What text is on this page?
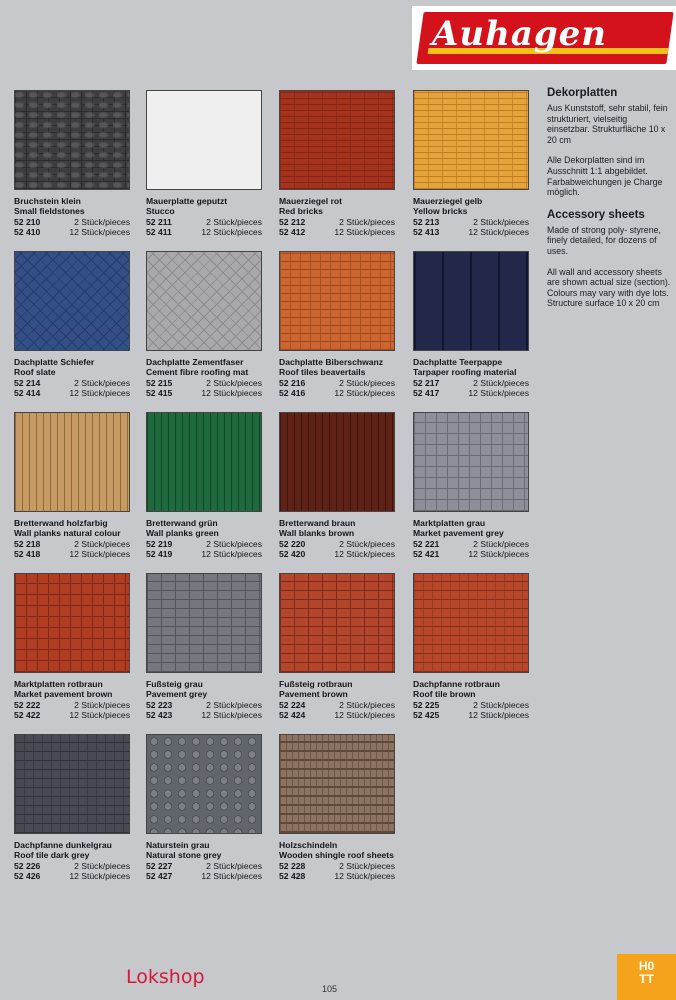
Auhagen
Dekorplatten

Aus Kunststoff, sehr stabil, fein strukturiert, vielseitig einsetzbar. Strukturfläche 10 x 20 cm

Alle Dekorplatten sind im Ausschnitt 1:1 abgebildet. Farbabweichungen je Charge möglich.

Accessory sheets

Made of strong poly- styrene, finely detailed, for dozens of uses.

All wall and accessory sheets are shown actual size (section). Colours may vary with dye lots. Structure surface 10 x 20 cm

Bruchstein klein
Small fieldstones
52 210	2 Stück/pieces
52 410	12 Stück/pieces
Mauerplatte geputzt
Stucco
52 211	2 Stück/pieces
52 411	12 Stück/pieces
Mauerziegel rot
Red bricks
52 212	2 Stück/pieces
52 412	12 Stück/pieces
Mauerziegel gelb
Yellow bricks
52 213	2 Stück/pieces
52 413	12 Stück/pieces
Dachplatte Schiefer
Roof slate
52 214	2 Stück/pieces
52 414	12 Stück/pieces
Dachplatte Zementfaser
Cement fibre roofing mat
52 215	2 Stück/pieces
52 415	12 Stück/pieces
Dachplatte Biberschwanz
Roof tiles beavertails
52 216	2 Stück/pieces
52 416	12 Stück/pieces
Dachplatte Teerpappe
Tarpaper roofing material
52 217	2 Stück/pieces
52 417	12 Stück/pieces
Bretterwand holzfarbig
Wall planks natural colour
52 218	2 Stück/pieces
52 418	12 Stück/pieces
Bretterwand grün
Wall planks green
52 219	2 Stück/pieces
52 419	12 Stück/pieces
Bretterwand braun
Wall blanks brown
52 220	2 Stück/pieces
52 420	12 Stück/pieces
Marktplatten grau
Market pavement grey
52 221	2 Stück/pieces
52 421	12 Stück/pieces
Marktplatten rotbraun
Market pavement brown
52 222	2 Stück/pieces
52 422	12 Stück/pieces
Fußsteig grau
Pavement grey
52 223	2 Stück/pieces
52 423	12 Stück/pieces
Fußsteig rotbraun
Pavement brown
52 224	2 Stück/pieces
52 424	12 Stück/pieces
Dachpfanne rotbraun
Roof tile brown
52 225	2 Stück/pieces
52 425	12 Stück/pieces
Dachpfanne dunkelgrau
Roof tile dark grey
52 226	2 Stück/pieces
52 426	12 Stück/pieces
Naturstein grau
Natural stone grey
52 227	2 Stück/pieces
52 427	12 Stück/pieces
Holzschindeln
Wooden shingle roof sheets
52 228	2 Stück/pieces
52 428	12 Stück/pieces
Lokshop
105
H0
TT
